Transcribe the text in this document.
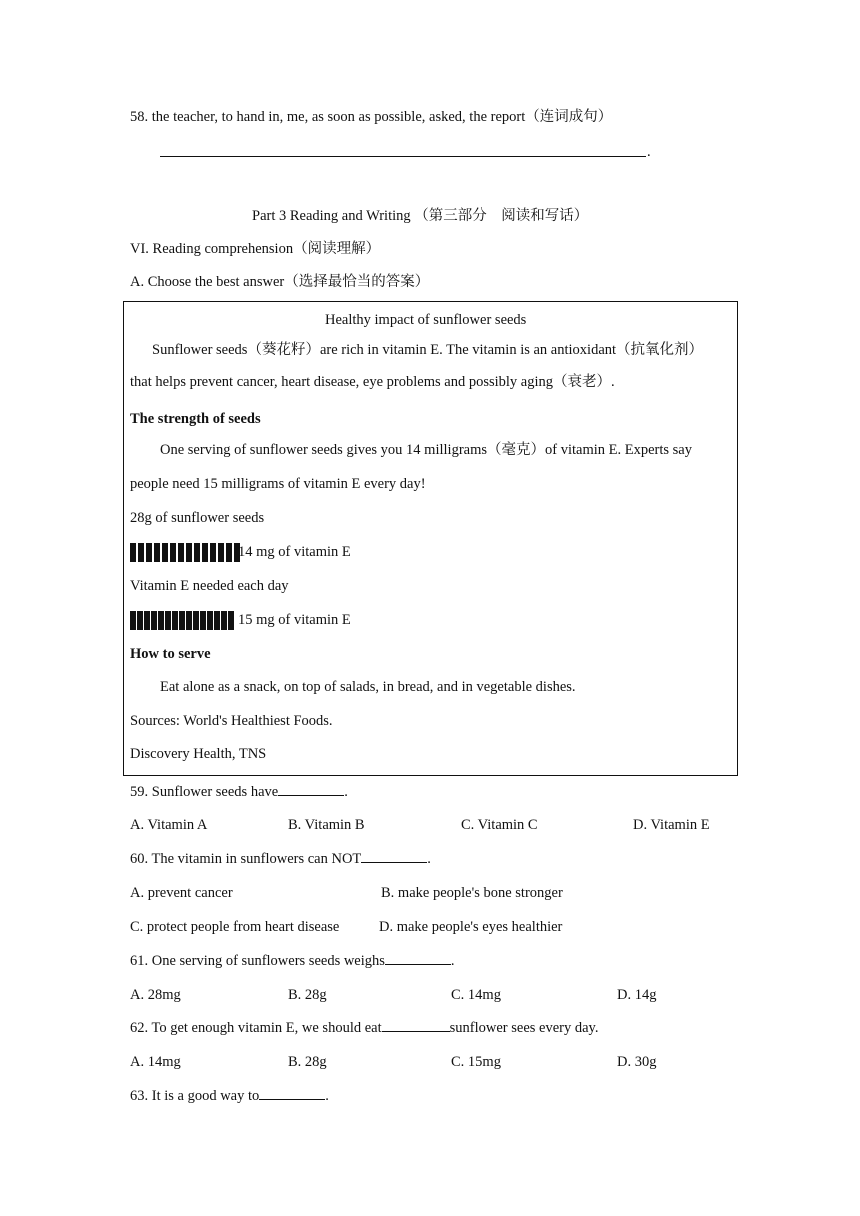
58. the teacher, to hand in, me, as soon as possible, asked, the report（连词成句）
.
Part 3 Reading and Writing （第三部分　阅读和写话）
VI. Reading comprehension（阅读理解）
A. Choose the best answer（选择最恰当的答案）
Healthy impact of sunflower seeds
Sunflower seeds（葵花籽）are rich in vitamin E. The vitamin is an antioxidant（抗氧化剂）
that helps prevent cancer, heart disease, eye problems and possibly aging（衰老）.
The strength of seeds
One serving of sunflower seeds gives you 14 milligrams（毫克）of vitamin E. Experts say
people need 15 milligrams of vitamin E every day!
28g of sunflower seeds
14 mg of vitamin E
Vitamin E needed each day
15 mg of vitamin E
How to serve
Eat alone as a snack, on top of salads, in bread, and in vegetable dishes.
Sources: World's Healthiest Foods.
Discovery Health, TNS
59. Sunflower seeds have	.
A. Vitamin A	B. Vitamin B	C. Vitamin C	D. Vitamin E
60. The vitamin in sunflowers can NOT	.
A. prevent cancer	B. make people's bone stronger
C. protect people from heart disease	D. make people's eyes healthier
61. One serving of sunflowers seeds weighs	.
A. 28mg	B. 28g	C. 14mg	D. 14g
62. To get enough vitamin E, we should eat	sunflower sees every day.
A. 14mg	B. 28g	C. 15mg	D. 30g
63. It is a good way to	.
